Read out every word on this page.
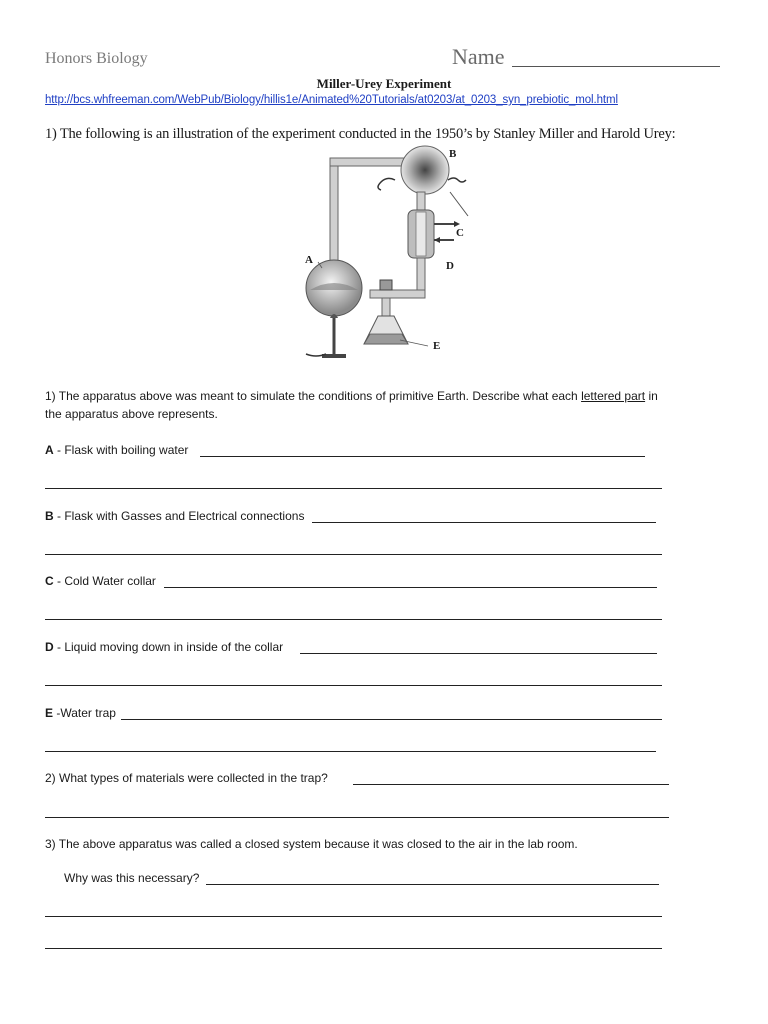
Honors Biology	Name
Miller-Urey Experiment
http://bcs.whfreeman.com/WebPub/Biology/hillis1e/Animated%20Tutorials/at0203/at_0203_syn_prebiotic_mol.html
1) The following is an illustration of the experiment conducted in the 1950’s by Stanley Miller and Harold Urey:
B
C
D
A
E
1) The apparatus above was meant to simulate the conditions of primitive Earth. Describe what each lettered part in
the apparatus above represents.
A - Flask with boiling water
B - Flask with Gasses and Electrical connections
C - Cold Water collar
D - Liquid moving down in inside of the collar
E -Water trap
2) What types of materials were collected in the trap?
3) The above apparatus was called a closed system because it was closed to the air in the lab room.
Why was this necessary?
